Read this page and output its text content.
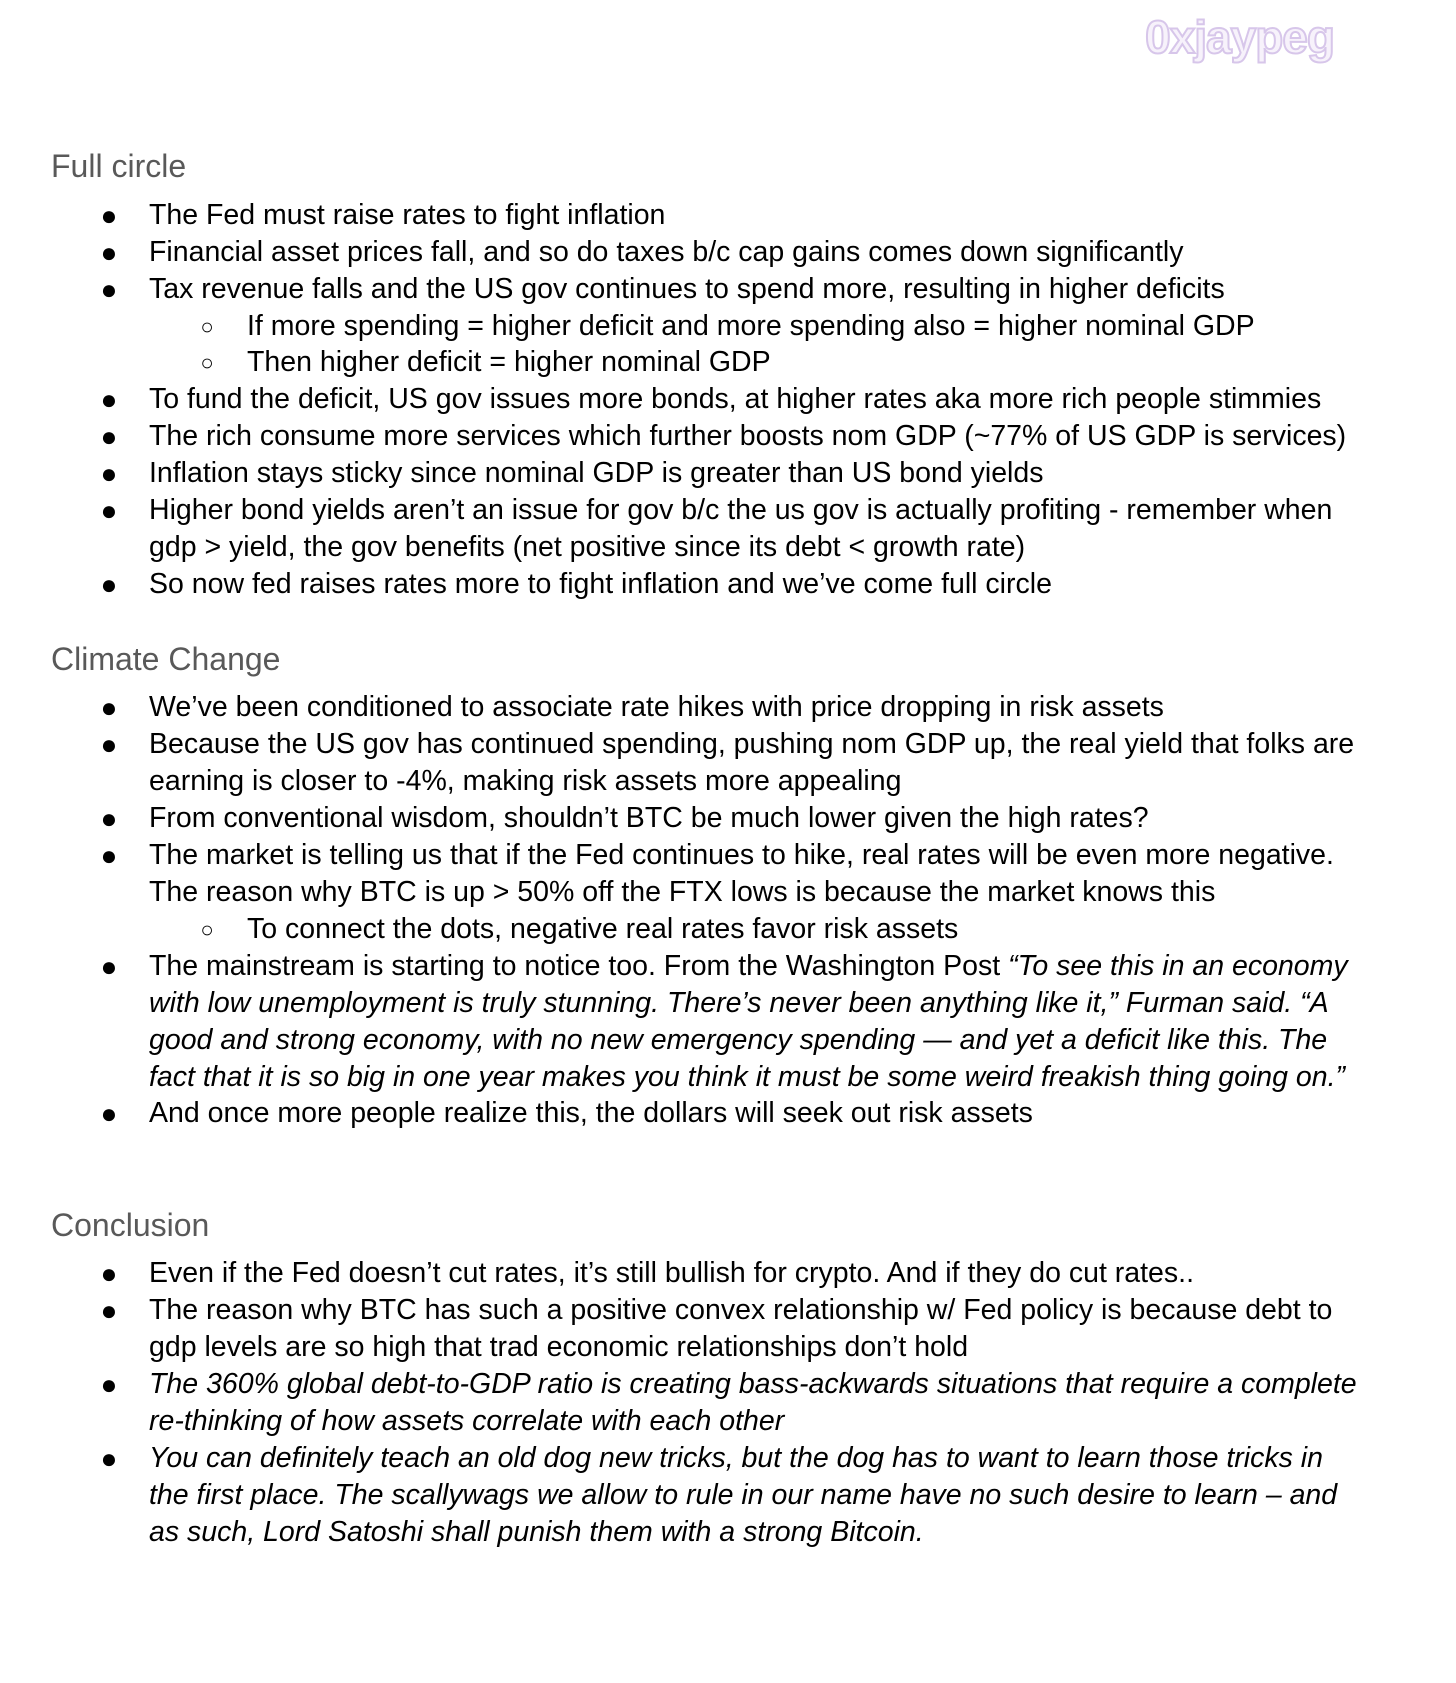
0xjaypeg
Full circle
● The Fed must raise rates to fight inflation
● Financial asset prices fall, and so do taxes b/c cap gains comes down significantly
● Tax revenue falls and the US gov continues to spend more, resulting in higher deficits
○ If more spending = higher deficit and more spending also = higher nominal GDP
○ Then higher deficit = higher nominal GDP
● To fund the deficit, US gov issues more bonds, at higher rates aka more rich people stimmies
● The rich consume more services which further boosts nom GDP (~77% of US GDP is services)
● Inflation stays sticky since nominal GDP is greater than US bond yields
● Higher bond yields aren’t an issue for gov b/c the us gov is actually profiting - remember when
gdp > yield, the gov benefits (net positive since its debt < growth rate)
● So now fed raises rates more to fight inflation and we’ve come full circle
Climate Change
● We’ve been conditioned to associate rate hikes with price dropping in risk assets
● Because the US gov has continued spending, pushing nom GDP up, the real yield that folks are
earning is closer to -4%, making risk assets more appealing
● From conventional wisdom, shouldn’t BTC be much lower given the high rates?
● The market is telling us that if the Fed continues to hike, real rates will be even more negative.
The reason why BTC is up > 50% off the FTX lows is because the market knows this
○ To connect the dots, negative real rates favor risk assets
● The mainstream is starting to notice too. From the Washington Post “To see this in an economy
with low unemployment is truly stunning. There’s never been anything like it,” Furman said. “A
good and strong economy, with no new emergency spending — and yet a deficit like this. The
fact that it is so big in one year makes you think it must be some weird freakish thing going on.”
● And once more people realize this, the dollars will seek out risk assets
Conclusion
● Even if the Fed doesn’t cut rates, it’s still bullish for crypto. And if they do cut rates..
● The reason why BTC has such a positive convex relationship w/ Fed policy is because debt to
gdp levels are so high that trad economic relationships don’t hold
● The 360% global debt-to-GDP ratio is creating bass-ackwards situations that require a complete
re-thinking of how assets correlate with each other
● You can definitely teach an old dog new tricks, but the dog has to want to learn those tricks in
the first place. The scallywags we allow to rule in our name have no such desire to learn – and
as such, Lord Satoshi shall punish them with a strong Bitcoin.
